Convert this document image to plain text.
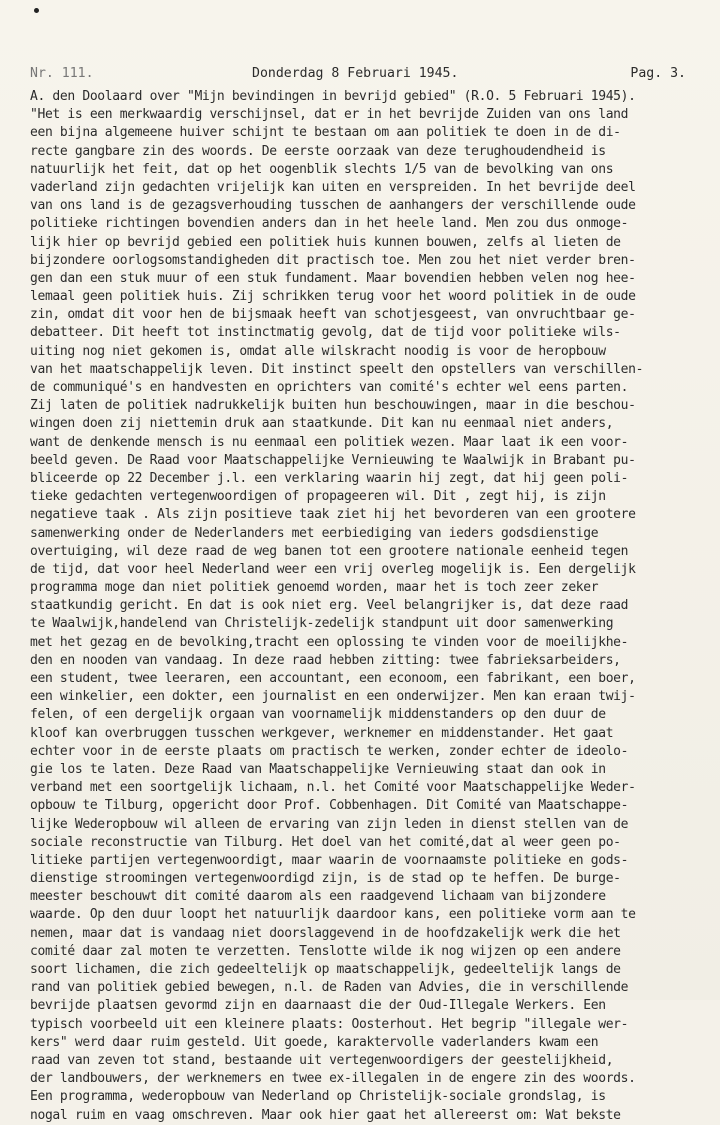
Nr. 111.

	Donderdag 8 Februari 1945.

	Pag. 3.

A. den Doolaard over "Mijn bevindingen in bevrijd gebied" (R.O. 5 Februari 1945).
"Het is een merkwaardig verschijnsel, dat er in het bevrijde Zuiden van ons land
een bijna algemeene huiver schijnt te bestaan om aan politiek te doen in de di-
recte gangbare zin des woords. De eerste oorzaak van deze terughoudendheid is
natuurlijk het feit, dat op het oogenblik slechts 1/5 van de bevolking van ons
vaderland zijn gedachten vrijelijk kan uiten en verspreiden. In het bevrijde deel
van ons land is de gezagsverhouding tusschen de aanhangers der verschillende oude
politieke richtingen bovendien anders dan in het heele land. Men zou dus onmoge-
lijk hier op bevrijd gebied een politiek huis kunnen bouwen, zelfs al lieten de
bijzondere oorlogsomstandigheden dit practisch toe. Men zou het niet verder bren-
gen dan een stuk muur of een stuk fundament. Maar bovendien hebben velen nog hee-
lemaal geen politiek huis. Zij schrikken terug voor het woord politiek in de oude
zin, omdat dit voor hen de bijsmaak heeft van schotjesgeest, van onvruchtbaar ge-
debatteer. Dit heeft tot instinctmatig gevolg, dat de tijd voor politieke wils-
uiting nog niet gekomen is, omdat alle wilskracht noodig is voor de heropbouw
van het maatschappelijk leven. Dit instinct speelt den opstellers van verschillen-
de communiqué's en handvesten en oprichters van comité's echter wel eens parten.
Zij laten de politiek nadrukkelijk buiten hun beschouwingen, maar in die beschou-
wingen doen zij niettemin druk aan staatkunde. Dit kan nu eenmaal niet anders,
want de denkende mensch is nu eenmaal een politiek wezen. Maar laat ik een voor-
beeld geven. De Raad voor Maatschappelijke Vernieuwing te Waalwijk in Brabant pu-
bliceerde op 22 December j.l. een verklaring waarin hij zegt, dat hij geen poli-
tieke gedachten vertegenwoordigen of propageeren wil. Dit , zegt hij, is zijn
negatieve taak . Als zijn positieve taak ziet hij het bevorderen van een grootere
samenwerking onder de Nederlanders met eerbiediging van ieders godsdienstige
overtuiging, wil deze raad de weg banen tot een grootere nationale eenheid tegen
de tijd, dat voor heel Nederland weer een vrij overleg mogelijk is. Een dergelijk
programma moge dan niet politiek genoemd worden, maar het is toch zeer zeker
staatkundig gericht. En dat is ook niet erg. Veel belangrijker is, dat deze raad
te Waalwijk,handelend van Christelijk-zedelijk standpunt uit door samenwerking
met het gezag en de bevolking,tracht een oplossing te vinden voor de moeilijkhe-
den en nooden van vandaag. In deze raad hebben zitting: twee fabrieksarbeiders,
een student, twee leeraren, een accountant, een econoom, een fabrikant, een boer,
een winkelier, een dokter, een journalist en een onderwijzer. Men kan eraan twij-
felen, of een dergelijk orgaan van voornamelijk middenstanders op den duur de
kloof kan overbruggen tusschen werkgever, werknemer en middenstander. Het gaat
echter voor in de eerste plaats om practisch te werken, zonder echter de ideolo-
gie los te laten. Deze Raad van Maatschappelijke Vernieuwing staat dan ook in
verband met een soortgelijk lichaam, n.l. het Comité voor Maatschappelijke Weder-
opbouw te Tilburg, opgericht door Prof. Cobbenhagen. Dit Comité van Maatschappe-
lijke Wederopbouw wil alleen de ervaring van zijn leden in dienst stellen van de
sociale reconstructie van Tilburg. Het doel van het comité,dat al weer geen po-
litieke partijen vertegenwoordigt, maar waarin de voornaamste politieke en gods-
dienstige stroomingen vertegenwoordigd zijn, is de stad op te heffen. De burge-
meester beschouwt dit comité daarom als een raadgevend lichaam van bijzondere
waarde. Op den duur loopt het natuurlijk daardoor kans, een politieke vorm aan te
nemen, maar dat is vandaag niet doorslaggevend in de hoofdzakelijk werk die het
comité daar zal moten te verzetten. Tenslotte wilde ik nog wijzen op een andere
soort lichamen, die zich gedeeltelijk op maatschappelijk, gedeeltelijk langs de
rand van politiek gebied bewegen, n.l. de Raden van Advies, die in verschillende
bevrijde plaatsen gevormd zijn en daarnaast die der Oud-Illegale Werkers. Een
typisch voorbeeld uit een kleinere plaats: Oosterhout. Het begrip "illegale wer-
kers" werd daar ruim gesteld. Uit goede, karaktervolle vaderlanders kwam een
raad van zeven tot stand, bestaande uit vertegenwoordigers der geestelijkheid,
der landbouwers, der werknemers en twee ex-illegalen in de engere zin des woords.
Een programma, wederopbouw van Nederland op Christelijk-sociale grondslag, is
nogal ruim en vaag omschreven. Maar ook hier gaat het allereerst om: Wat bekste
